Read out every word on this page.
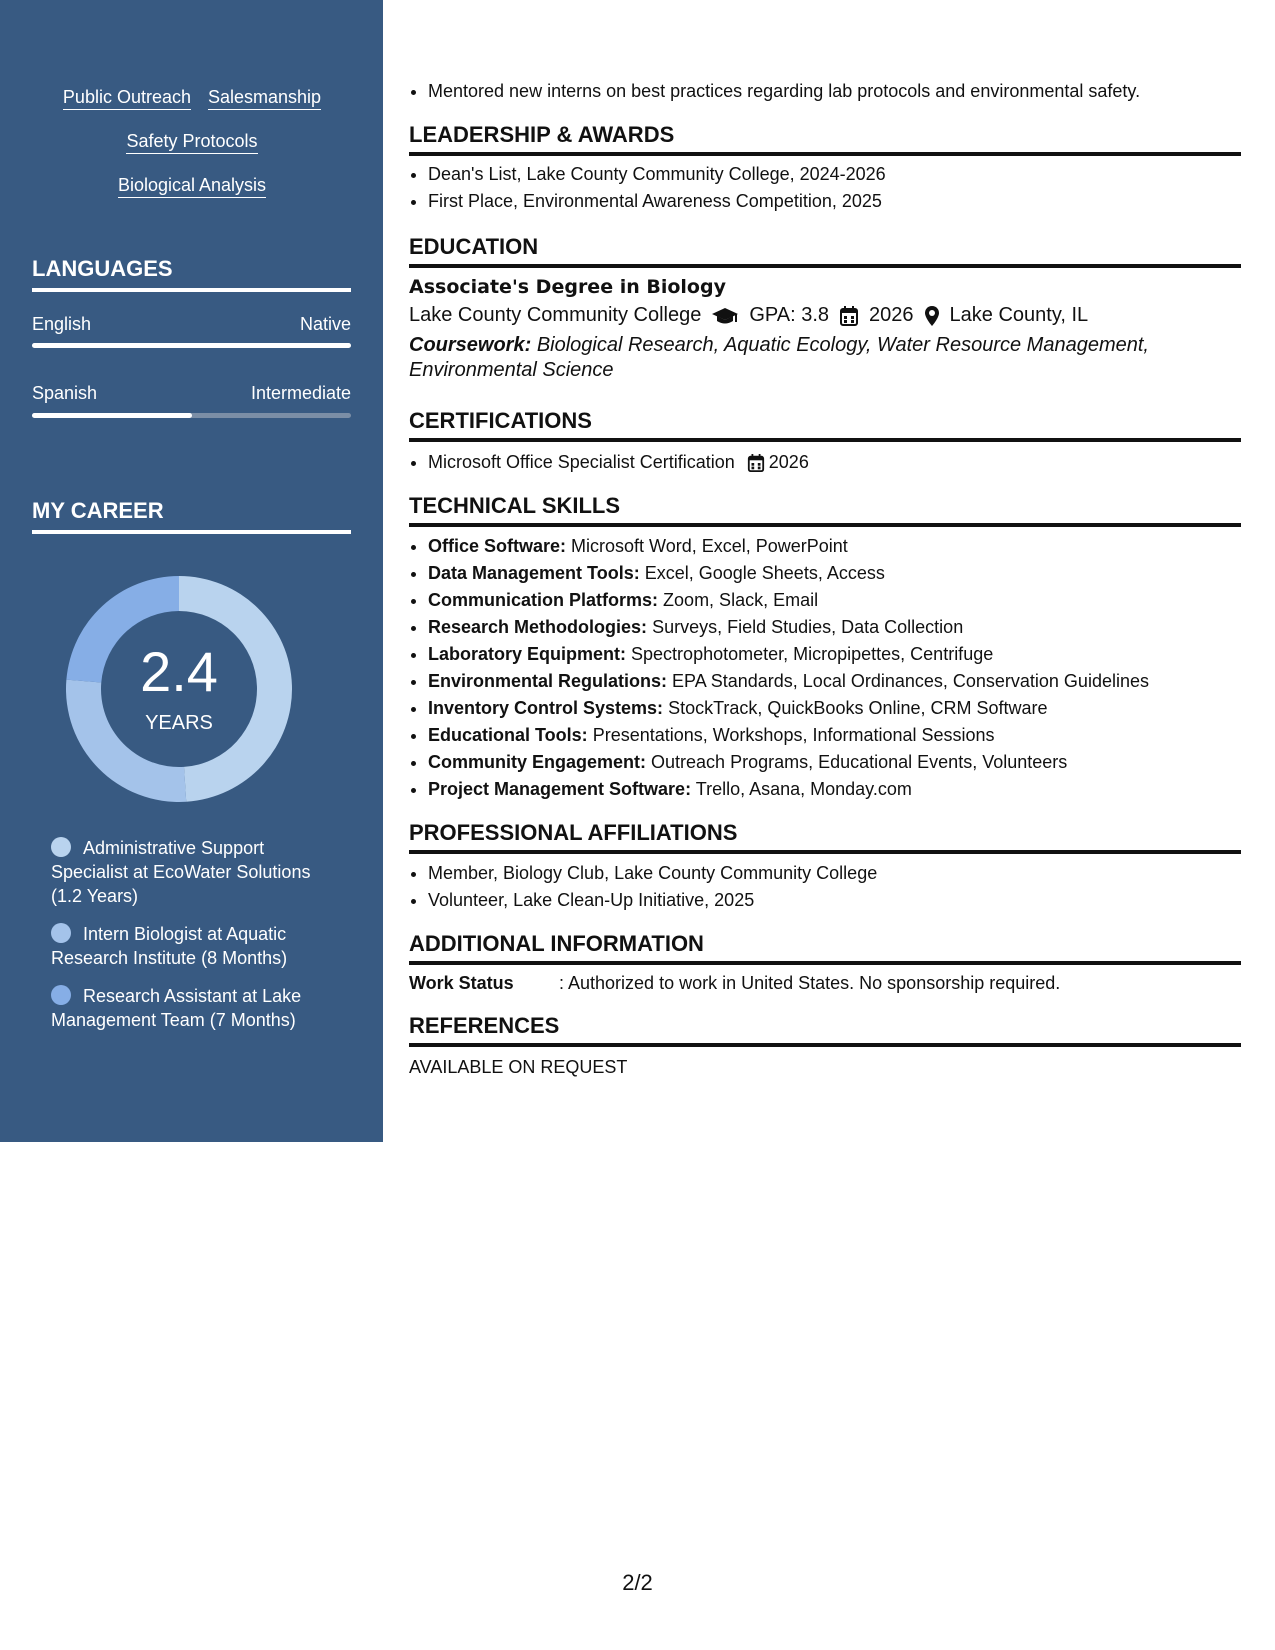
Public Outreach Salesmanship
Safety Protocols
Biological Analysis
LANGUAGES
English	Native
Spanish	Intermediate
MY CAREER
2.4
YEARS
Administrative Support Specialist at EcoWater Solutions (1.2 Years)
Intern Biologist at Aquatic Research Institute (8 Months)
Research Assistant at Lake Management Team (7 Months)
• Mentored new interns on best practices regarding lab protocols and environmental safety.
LEADERSHIP & AWARDS
• Dean's List, Lake County Community College, 2024-2026
• First Place, Environmental Awareness Competition, 2025
EDUCATION
Associate's Degree in Biology
Lake County Community College GPA: 3.8 2026 Lake County, IL
Coursework: Biological Research, Aquatic Ecology, Water Resource Management, Environmental Science
CERTIFICATIONS
• Microsoft Office Specialist Certification 2026
TECHNICAL SKILLS
• Office Software: Microsoft Word, Excel, PowerPoint
• Data Management Tools: Excel, Google Sheets, Access
• Communication Platforms: Zoom, Slack, Email
• Research Methodologies: Surveys, Field Studies, Data Collection
• Laboratory Equipment: Spectrophotometer, Micropipettes, Centrifuge
• Environmental Regulations: EPA Standards, Local Ordinances, Conservation Guidelines
• Inventory Control Systems: StockTrack, QuickBooks Online, CRM Software
• Educational Tools: Presentations, Workshops, Informational Sessions
• Community Engagement: Outreach Programs, Educational Events, Volunteers
• Project Management Software: Trello, Asana, Monday.com
PROFESSIONAL AFFILIATIONS
• Member, Biology Club, Lake County Community College
• Volunteer, Lake Clean-Up Initiative, 2025
ADDITIONAL INFORMATION
Work Status	: Authorized to work in United States. No sponsorship required.
REFERENCES
AVAILABLE ON REQUEST
2/2
